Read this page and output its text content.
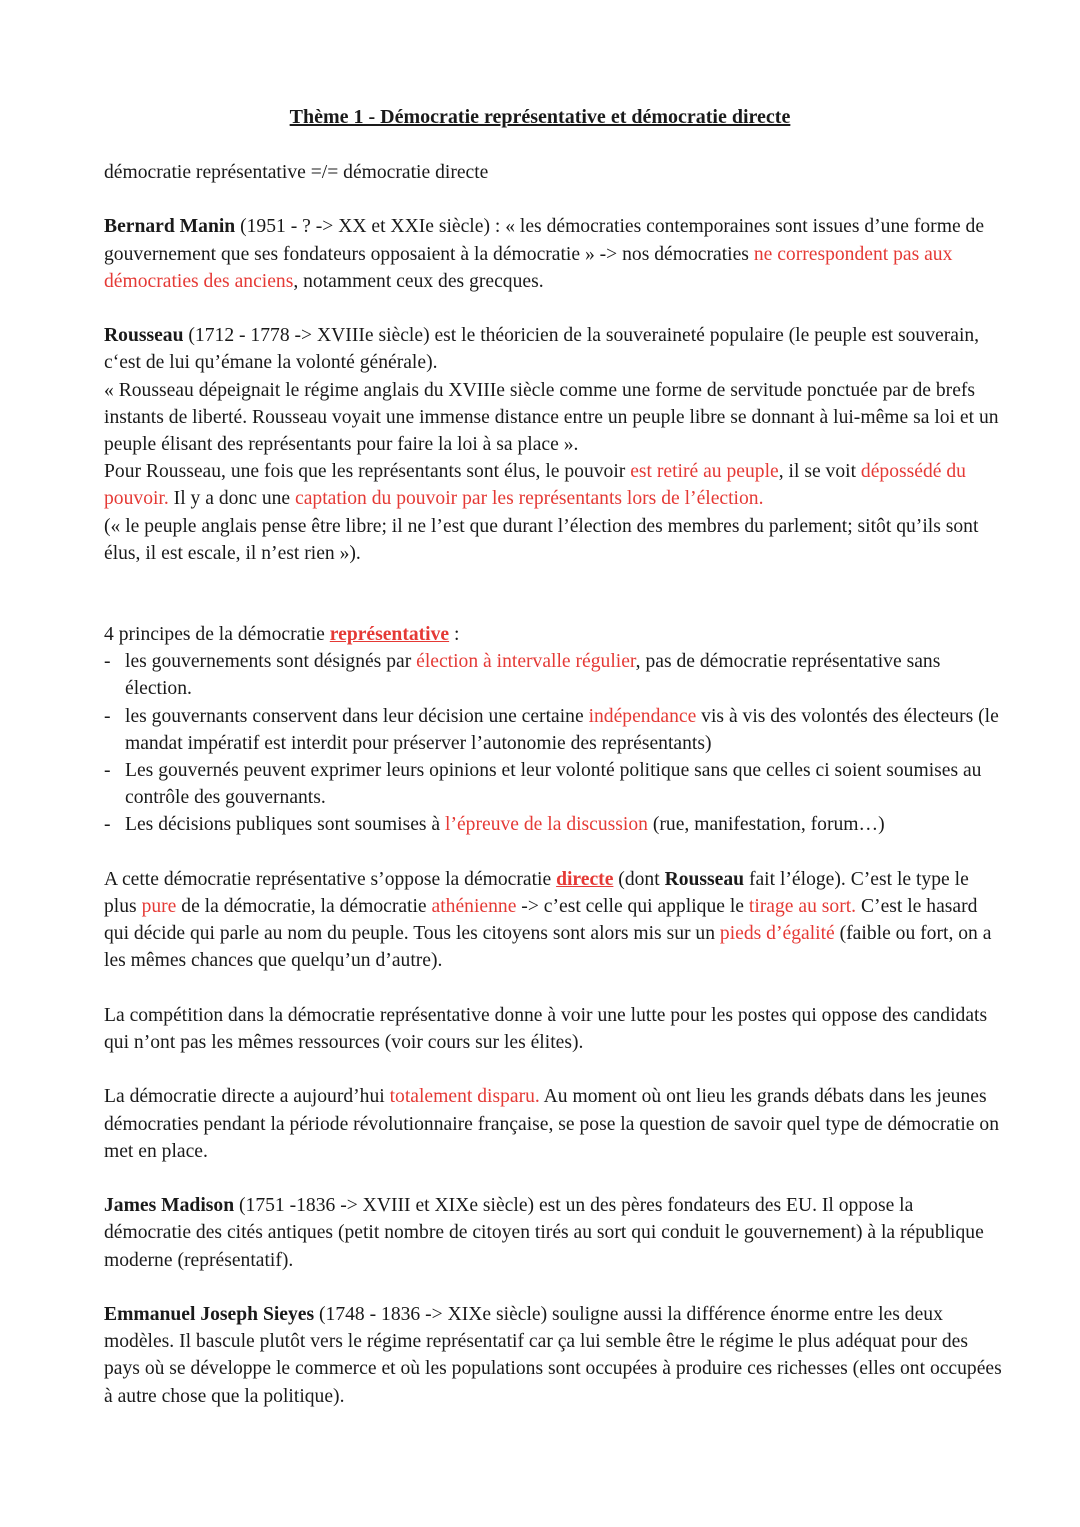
Thème 1 - Démocratie représentative et démocratie directe

démocratie représentative =/= démocratie directe

Bernard Manin (1951 - ? -> XX et XXIe siècle) : « les démocraties contemporaines sont issues d’une forme de gouvernement que ses fondateurs opposaient à la démocratie » -> nos démocraties ne correspondent pas aux démocraties des anciens, notamment ceux des grecques.

Rousseau (1712 - 1778 -> XVIIIe siècle) est le théoricien de la souveraineté populaire (le peuple est souverain, c‘est de lui qu’émane la volonté générale).
« Rousseau dépeignait le régime anglais du XVIIIe siècle comme une forme de servitude ponctuée par de brefs instants de liberté. Rousseau voyait une immense distance entre un peuple libre se donnant à lui-même sa loi et un peuple élisant des représentants pour faire la loi à sa place ».
Pour Rousseau, une fois que les représentants sont élus, le pouvoir est retiré au peuple, il se voit dépossédé du pouvoir. Il y a donc une captation du pouvoir par les représentants lors de l’élection.
(« le peuple anglais pense être libre; il ne l’est que durant l’élection des membres du parlement; sitôt qu’ils sont élus, il est escale, il n’est rien »).

4 principes de la démocratie représentative :

- les gouvernements sont désignés par élection à intervalle régulier, pas de démocratie représentative sans élection.
- les gouvernants conservent dans leur décision une certaine indépendance vis à vis des volontés des électeurs (le mandat impératif est interdit pour préserver l’autonomie des représentants)
- Les gouvernés peuvent exprimer leurs opinions et leur volonté politique sans que celles ci soient soumises au contrôle des gouvernants.
- Les décisions publiques sont soumises à l’épreuve de la discussion (rue, manifestation, forum…)

A cette démocratie représentative s’oppose la démocratie directe (dont Rousseau fait l’éloge). C’est le type le plus pure de la démocratie, la démocratie athénienne -> c’est celle qui applique le tirage au sort. C’est le hasard qui décide qui parle au nom du peuple. Tous les citoyens sont alors mis sur un pieds d’égalité (faible ou fort, on a les mêmes chances que quelqu’un d’autre).

La compétition dans la démocratie représentative donne à voir une lutte pour les postes qui oppose des candidats qui n’ont pas les mêmes ressources (voir cours sur les élites).

La démocratie directe a aujourd’hui totalement disparu. Au moment où ont lieu les grands débats dans les jeunes démocraties pendant la période révolutionnaire française, se pose la question de savoir quel type de démocratie on met en place.

James Madison (1751 -1836 -> XVIII et XIXe siècle) est un des pères fondateurs des EU. Il oppose la démocratie des cités antiques (petit nombre de citoyen tirés au sort qui conduit le gouvernement) à la république moderne (représentatif).

Emmanuel Joseph Sieyes (1748 - 1836 -> XIXe siècle) souligne aussi la différence énorme entre les deux modèles. Il bascule plutôt vers le régime représentatif car ça lui semble être le régime le plus adéquat pour des pays où se développe le commerce et où les populations sont occupées à produire ces richesses (elles ont occupées à autre chose que la politique).
